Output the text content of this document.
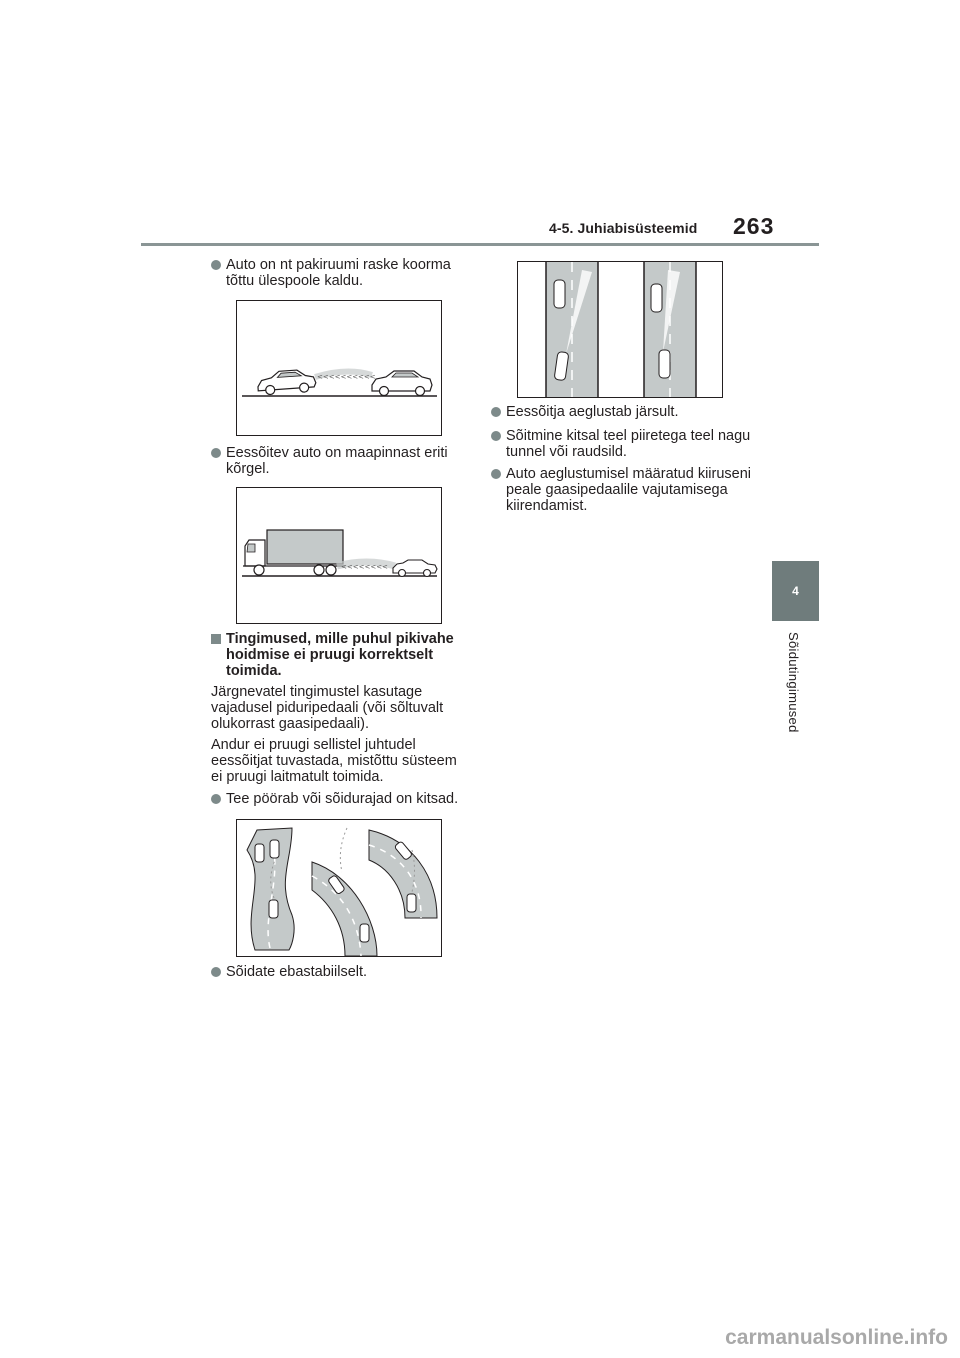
4-5. Juhiabisüsteemid 263
4
Sõidutingimused
Auto on nt pakiruumi raske koorma
tõttu ülespoole kaldu.
<<<<<<<<<<
Eessõitev auto on maapinnast eriti
kõrgel.
<<<<<<<<
Tingimused, mille puhul pikivahe
hoidmise ei pruugi korrektselt
toimida.
Järgnevatel tingimustel kasutage
vajadusel piduripedaali (või sõltuvalt
olukorrast gaasipedaali).
Andur ei pruugi sellistel juhtudel
eessõitjat tuvastada, mistõttu süsteem
ei pruugi laitmatult toimida.
Tee pöörab või sõidurajad on kitsad.
Sõidate ebastabiilselt.
Eessõitja aeglustab järsult.
Sõitmine kitsal teel piiretega teel nagu
tunnel või raudsild.
Auto aeglustumisel määratud kiiruseni
peale gaasipedaalile vajutamisega
kiirendamist.
carmanualsonline.info
